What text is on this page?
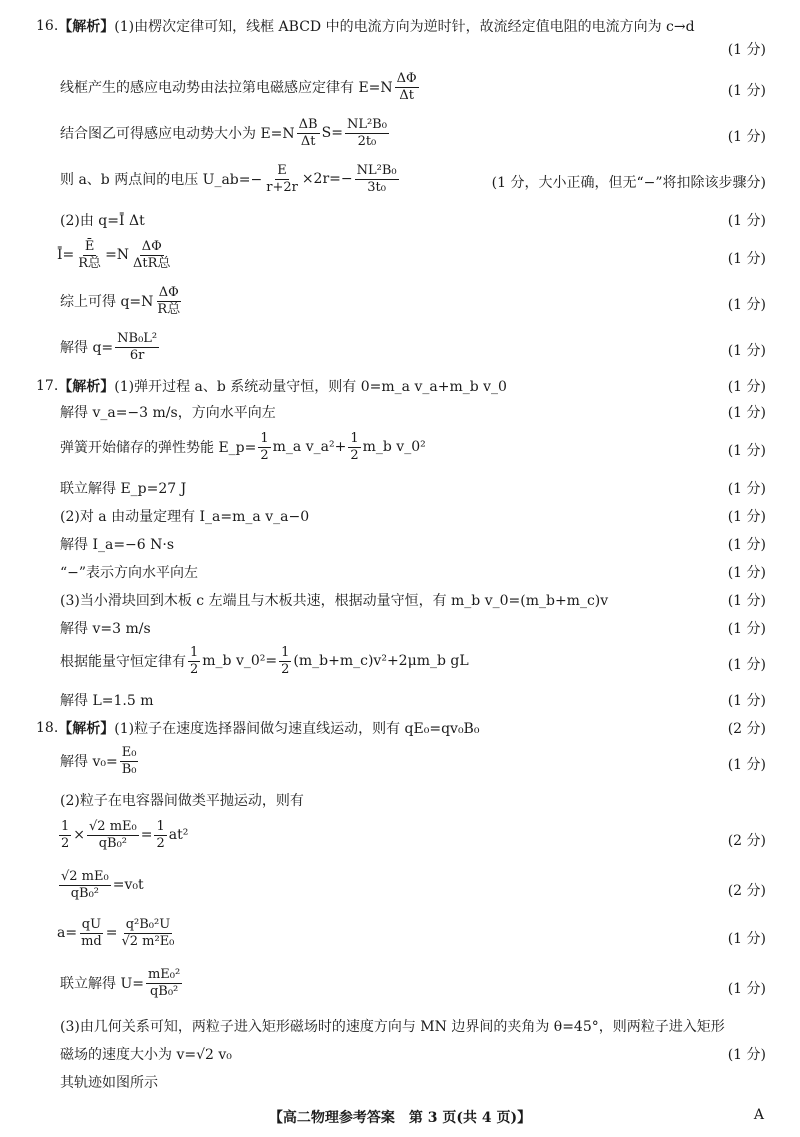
16. 【解析】 (1)由楞次定律可知，线框 ABCD 中的电流方向为逆时针，故流经定值电阻的电流方向为 c→d
(1 分)
线框产生的感应电动势由法拉第电磁感应定律有 $E=N \frac{\Delta\Phi}{\Delta t}$	(1 分)
结合图乙可得感应电动势大小为 $E=N \frac{\Delta B}{\Delta t} S= \frac{\text{NL²B₀}}{\text{2t₀}}$	(1 分)
则 a、b 两点间的电压 U_ab=− $\frac{E}{r+2r} \times 2r=- \frac{\text{NL²B₀}}{\text{3t₀}}$	(1 分，大小正确，但无“−”将扣除该步骤分)
(2)由 q=Ī Δt	(1 分)
Ī= $\frac{Ē}{\text{R总}} =N \frac{\Delta\Phi}{\text{ΔtR总}}$	(1 分)
综上可得 $q=N \frac{\Delta\Phi}{\text{R总}}$	(1 分)
解得 $q= \frac{\text{NB₀L²}}{6r}$	(1 分)
17. 【解析】 (1)弹开过程 a、b 系统动量守恒，则有 0=m_a v_a+m_b v_0	(1 分)
解得 v_a=−3 m/s，方向水平向左	(1 分)
弹簧开始储存的弹性势能 E_p= $\frac{1}{2}$ m_a v_a²+ $\frac{1}{2}$ m_b v_0²	(1 分)
联立解得 E_p=27 J	(1 分)
(2)对 a 由动量定理有 I_a=m_a v_a−0	(1 分)
解得 I_a=−6 N·s	(1 分)
“−”表示方向水平向左	(1 分)
(3)当小滑块回到木板 c 左端且与木板共速，根据动量守恒，有 m_b v_0=(m_b+m_c)v	(1 分)
解得 v=3 m/s	(1 分)
根据能量守恒定律有 $\frac{1}{2}$ m_b v_0²= $\frac{1}{2}$ (m_b+m_c)v²+2μm_b gL	(1 分)
解得 L=1.5 m	(1 分)
18. 【解析】 (1)粒子在速度选择器间做匀速直线运动，则有 qE₀=qv₀B₀	(2 分)
解得 $v_0= \frac{\text{E₀}}{\text{B₀}}$	(1 分)
(2)粒子在电容器间做类平抛运动，则有
$\frac{1}{2} \times \frac{\text{√2 mE₀}}{\text{qB₀²}} = \frac{1}{2} at^2$	(2 分)
$\frac{\text{√2 mE₀}}{\text{qB₀²}} =v_0t$	(2 分)
$a= \frac{qU}{md} = \frac{\text{q²B₀²U}}{\text{√2 m²E₀}}$	(1 分)
联立解得 $U= \frac{\text{mE₀²}}{\text{qB₀²}}$	(1 分)
(3)由几何关系可知，两粒子进入矩形磁场时的速度方向与 MN 边界间的夹角为 θ=45°，则两粒子进入矩形
磁场的速度大小为 v=√2 v₀	(1 分)
其轨迹如图所示
【高二物理参考答案　第 3 页(共 4 页)】	A
